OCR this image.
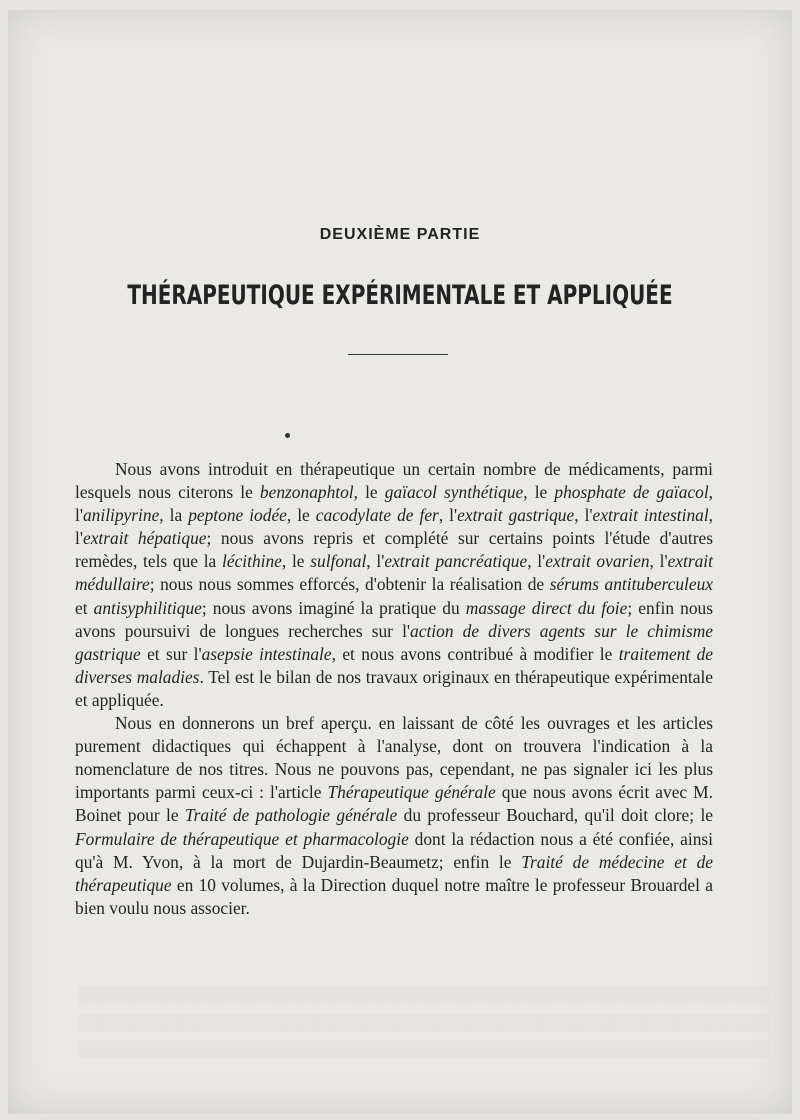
▒▒▒▒▒▒▒▒▒▒▒▒▒▒▒▒▒▒▒▒▒▒▒▒▒▒▒▒▒▒▒▒▒▒▒▒▒▒▒▒▒▒▒▒▒▒▒▒▒▒▒▒▒▒▒▒▒▒▒▒▒

▒▒▒▒▒▒▒▒▒▒▒▒▒▒▒▒▒▒▒▒▒▒▒▒▒▒▒▒▒▒▒▒▒▒▒▒▒▒▒▒▒▒▒▒▒▒▒▒▒▒▒▒▒▒▒▒▒▒▒▒▒

▒▒▒▒▒▒▒▒▒▒▒▒▒▒▒▒▒▒▒▒▒▒▒▒▒▒▒▒▒▒▒▒▒▒▒▒▒▒▒▒▒▒▒▒▒▒▒▒▒▒▒▒▒▒▒▒▒▒▒▒▒

DEUXIÈME PARTIE
THÉRAPEUTIQUE EXPÉRIMENTALE ET APPLIQUÉE

Nous avons introduit en thérapeutique un certain nombre de médicaments, parmi lesquels nous citerons le benzonaphtol, le gaïacol synthétique, le phosphate de gaïacol, l'anilipyrine, la peptone iodée, le cacodylate de fer, l'extrait gastrique, l'extrait intestinal, l'extrait hépatique; nous avons repris et complété sur certains points l'étude d'autres remèdes, tels que la lécithine, le sulfonal, l'extrait pancréatique, l'extrait ovarien, l'extrait médullaire; nous nous sommes efforcés, d'obtenir la réalisation de sérums antituberculeux et antisyphilitique; nous avons imaginé la pratique du massage direct du foie; enfin nous avons poursuivi de longues recherches sur l'action de divers agents sur le chimisme gastrique et sur l'asepsie intestinale, et nous avons contribué à modifier le traitement de diverses maladies. Tel est le bilan de nos travaux originaux en thérapeutique expérimentale et appliquée.

Nous en donnerons un bref aperçu. en laissant de côté les ouvrages et les articles purement didactiques qui échappent à l'analyse, dont on trouvera l'indication à la nomenclature de nos titres. Nous ne pouvons pas, cependant, ne pas signaler ici les plus importants parmi ceux-ci : l'article Thérapeutique générale que nous avons écrit avec M. Boinet pour le Traité de pathologie générale du professeur Bouchard, qu'il doit clore; le Formulaire de thérapeutique et pharmacologie dont la rédaction nous a été confiée, ainsi qu'à M. Yvon, à la mort de Dujardin-Beaumetz; enfin le Traité de médecine et de thérapeutique en 10 volumes, à la Direction duquel notre maître le professeur Brouardel a bien voulu nous associer.
